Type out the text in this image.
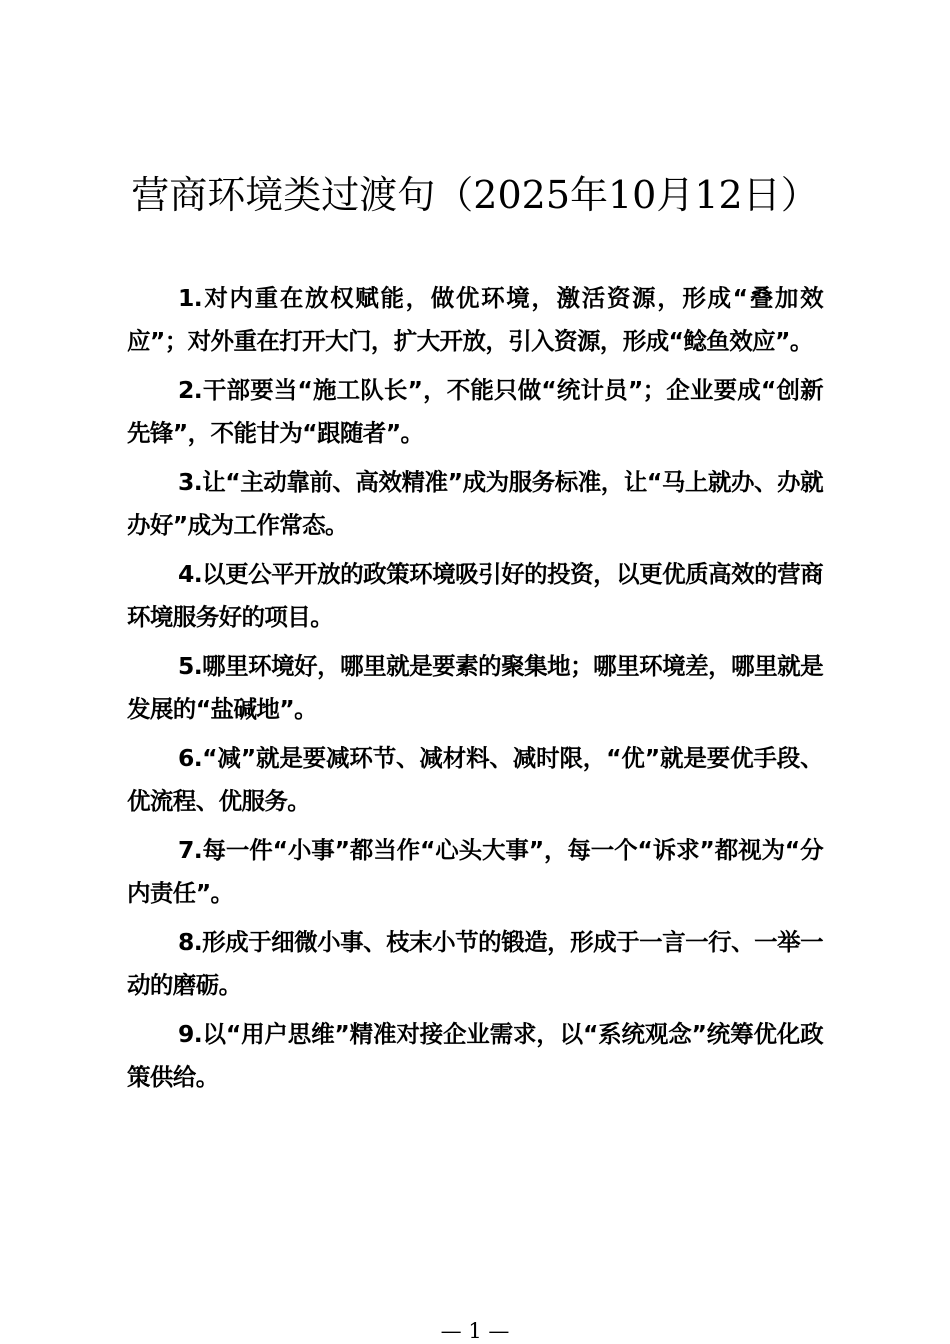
营商环境类过渡句（2025年10月12日）

1.对内重在放权赋能，做优环境，激活资源，形成“叠加效应”；对外重在打开大门，扩大开放，引入资源，形成“鲶鱼效应”。

2.干部要当“施工队长”，不能只做“统计员”；企业要成“创新先锋”，不能甘为“跟随者”。

3.让“主动靠前、高效精准”成为服务标准，让“马上就办、办就办好”成为工作常态。

4.以更公平开放的政策环境吸引好的投资，以更优质高效的营商环境服务好的项目。

5.哪里环境好，哪里就是要素的聚集地；哪里环境差，哪里就是发展的“盐碱地”。

6.“减”就是要减环节、减材料、减时限，“优”就是要优手段、优流程、优服务。

7.每一件“小事”都当作“心头大事”，每一个“诉求”都视为“分内责任”。

8.形成于细微小事、枝末小节的锻造，形成于一言一行、一举一动的磨砺。

9.以“用户思维”精准对接企业需求，以“系统观念”统筹优化政策供给。

— 1 —
